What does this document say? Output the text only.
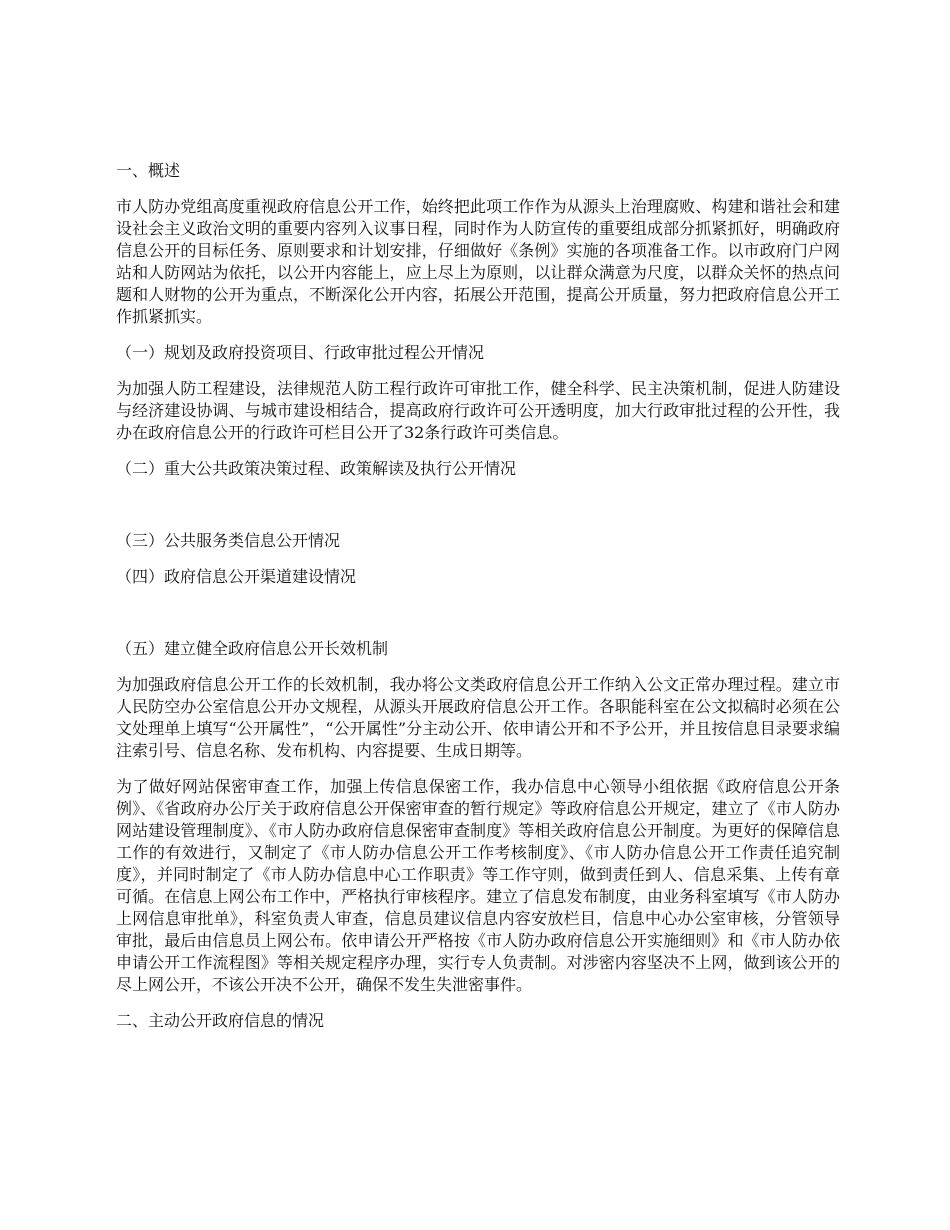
一、概述
市人防办党组高度重视政府信息公开工作，始终把此项工作作为从源头上治理腐败、构建和谐社会和建设社会主义政治文明的重要内容列入议事日程，同时作为人防宣传的重要组成部分抓紧抓好，明确政府信息公开的目标任务、原则要求和计划安排，仔细做好《条例》实施的各项准备工作。以市政府门户网站和人防网站为依托，以公开内容能上，应上尽上为原则，以让群众满意为尺度，以群众关怀的热点问题和人财物的公开为重点，不断深化公开内容，拓展公开范围，提高公开质量，努力把政府信息公开工作抓紧抓实。
（一）规划及政府投资项目、行政审批过程公开情况
为加强人防工程建设，法律规范人防工程行政许可审批工作，健全科学、民主决策机制，促进人防建设与经济建设协调、与城市建设相结合，提高政府行政许可公开透明度，加大行政审批过程的公开性，我办在政府信息公开的行政许可栏目公开了32条行政许可类信息。
（二）重大公共政策决策过程、政策解读及执行公开情况
（三）公共服务类信息公开情况
（四）政府信息公开渠道建设情况
（五）建立健全政府信息公开长效机制
为加强政府信息公开工作的长效机制，我办将公文类政府信息公开工作纳入公文正常办理过程。建立市人民防空办公室信息公开办文规程，从源头开展政府信息公开工作。各职能科室在公文拟稿时必须在公文处理单上填写“公开属性”，“公开属性”分主动公开、依申请公开和不予公开，并且按信息目录要求编注索引号、信息名称、发布机构、内容提要、生成日期等。
为了做好网站保密审查工作，加强上传信息保密工作，我办信息中心领导小组依据《政府信息公开条例》、《省政府办公厅关于政府信息公开保密审查的暂行规定》等政府信息公开规定，建立了《市人防办网站建设管理制度》、《市人防办政府信息保密审查制度》等相关政府信息公开制度。为更好的保障信息工作的有效进行，又制定了《市人防办信息公开工作考核制度》、《市人防办信息公开工作责任追究制度》，并同时制定了《市人防办信息中心工作职责》等工作守则，做到责任到人、信息采集、上传有章可循。在信息上网公布工作中，严格执行审核程序。建立了信息发布制度，由业务科室填写《市人防办上网信息审批单》，科室负责人审查，信息员建议信息内容安放栏目，信息中心办公室审核，分管领导审批，最后由信息员上网公布。依申请公开严格按《市人防办政府信息公开实施细则》和《市人防办依申请公开工作流程图》等相关规定程序办理，实行专人负责制。对涉密内容坚决不上网，做到该公开的尽上网公开，不该公开决不公开，确保不发生失泄密事件。
二、主动公开政府信息的情况
